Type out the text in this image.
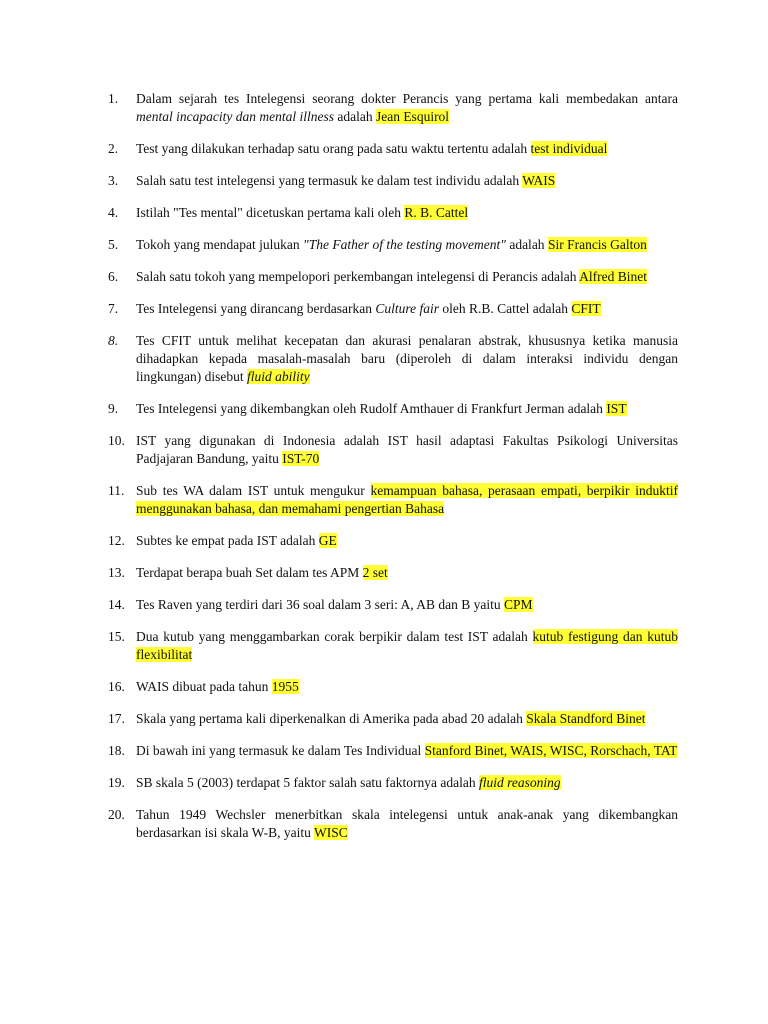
1.	Dalam sejarah tes Intelegensi seorang dokter Perancis yang pertama kali membedakan antara mental incapacity dan mental illness adalah Jean Esquirol
2.	Test yang dilakukan terhadap satu orang pada satu waktu tertentu adalah test individual
3.	Salah satu test intelegensi yang termasuk ke dalam test individu adalah WAIS
4.	Istilah "Tes mental" dicetuskan pertama kali oleh R. B. Cattel
5.	Tokoh yang mendapat julukan "The Father of the testing movement" adalah Sir Francis Galton
6.	Salah satu tokoh yang mempelopori perkembangan intelegensi di Perancis adalah Alfred Binet
7.	Tes Intelegensi yang dirancang berdasarkan Culture fair oleh R.B. Cattel adalah CFIT
8.	Tes CFIT untuk melihat kecepatan dan akurasi penalaran abstrak, khususnya ketika manusia dihadapkan kepada masalah-masalah baru (diperoleh di dalam interaksi individu dengan lingkungan) disebut fluid ability
9.	Tes Intelegensi yang dikembangkan oleh Rudolf Amthauer di Frankfurt Jerman adalah IST
10. IST yang digunakan di Indonesia adalah IST hasil adaptasi Fakultas Psikologi Universitas Padjajaran Bandung, yaitu IST-70
11. Sub tes WA dalam IST untuk mengukur kemampuan bahasa, perasaan empati, berpikir induktif menggunakan bahasa, dan memahami pengertian Bahasa
12. Subtes ke empat pada IST adalah GE
13. Terdapat berapa buah Set dalam tes APM 2 set
14. Tes Raven yang terdiri dari 36 soal dalam 3 seri: A, AB dan B yaitu CPM
15. Dua kutub yang menggambarkan corak berpikir dalam test IST adalah kutub festigung dan kutub flexibilitat
16. WAIS dibuat pada tahun 1955
17. Skala yang pertama kali diperkenalkan di Amerika pada abad 20 adalah Skala Standford Binet
18. Di bawah ini yang termasuk ke dalam Tes Individual Stanford Binet, WAIS, WISC, Rorschach, TAT
19. SB skala 5 (2003) terdapat 5 faktor salah satu faktornya adalah fluid reasoning
20. Tahun 1949 Wechsler menerbitkan skala intelegensi untuk anak-anak yang dikembangkan berdasarkan isi skala W-B, yaitu WISC
